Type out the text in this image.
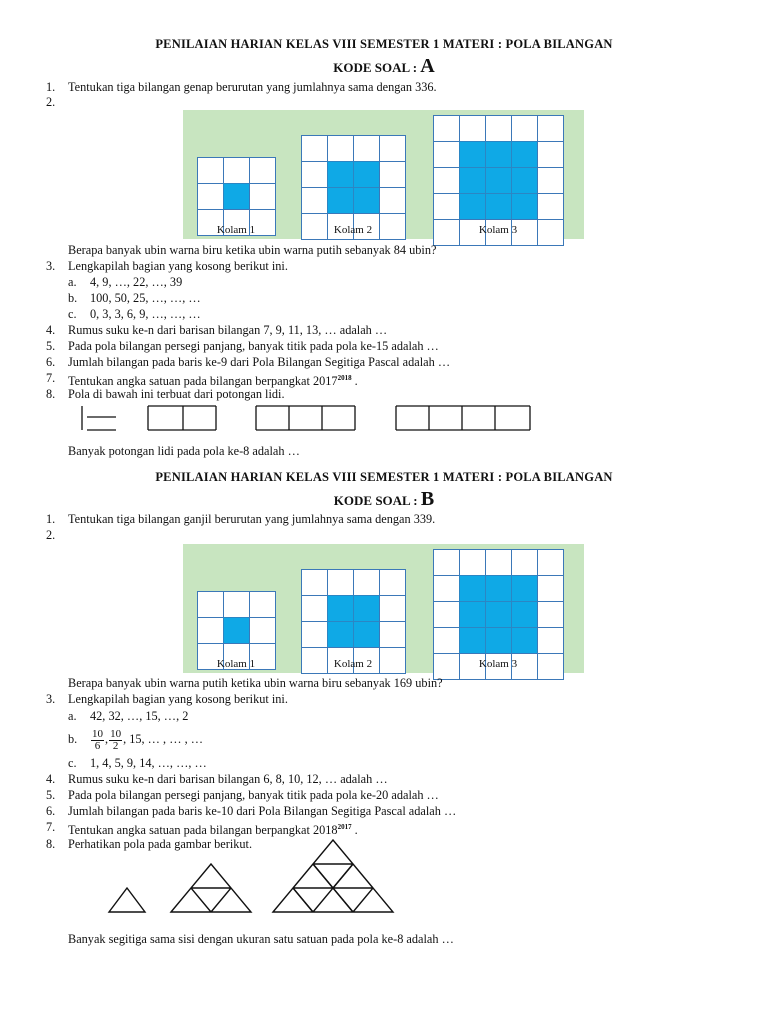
PENILAIAN HARIAN KELAS VIII SEMESTER 1 MATERI : POLA BILANGAN
KODE SOAL : A
1. Tentukan tiga bilangan genap berurutan yang jumlahnya sama dengan 336.
2.
Kolam 1	Kolam 2	Kolam 3
Berapa banyak ubin warna biru ketika ubin warna putih sebanyak 84 ubin?
3. Lengkapilah bagian yang kosong berikut ini.
a. 4, 9, …, 22, …, 39
b. 100, 50, 25, …, …, …
c. 0, 3, 3, 6, 9, …, …, …
4. Rumus suku ke-n dari barisan bilangan 7, 9, 11, 13, … adalah …
5. Pada pola bilangan persegi panjang, banyak titik pada pola ke-15 adalah …
6. Jumlah bilangan pada baris ke-9 dari Pola Bilangan Segitiga Pascal adalah …
7. Tentukan angka satuan pada bilangan berpangkat $2017^{2018}$ .
8. Pola di bawah ini terbuat dari potongan lidi.
Banyak potongan lidi pada pola ke-8 adalah …
PENILAIAN HARIAN KELAS VIII SEMESTER 1 MATERI : POLA BILANGAN
KODE SOAL : B
1. Tentukan tiga bilangan ganjil berurutan yang jumlahnya sama dengan 339.
2.
Kolam 1	Kolam 2	Kolam 3
Berapa banyak ubin warna putih ketika ubin warna biru sebanyak 169 ubin?
3. Lengkapilah bagian yang kosong berikut ini.
a. 42, 32, …, 15, …, 2
b. $\frac{10}{6}$ , $\frac{10}{2}$ , 15, … , … , …
c. 1, 4, 5, 9, 14, …, …, …
4. Rumus suku ke-n dari barisan bilangan 6, 8, 10, 12, … adalah …
5. Pada pola bilangan persegi panjang, banyak titik pada pola ke-20 adalah …
6. Jumlah bilangan pada baris ke-10 dari Pola Bilangan Segitiga Pascal adalah …
7. Tentukan angka satuan pada bilangan berpangkat $2018^{2017}$ .
8. Perhatikan pola pada gambar berikut.
Banyak segitiga sama sisi dengan ukuran satu satuan pada pola ke-8 adalah …
